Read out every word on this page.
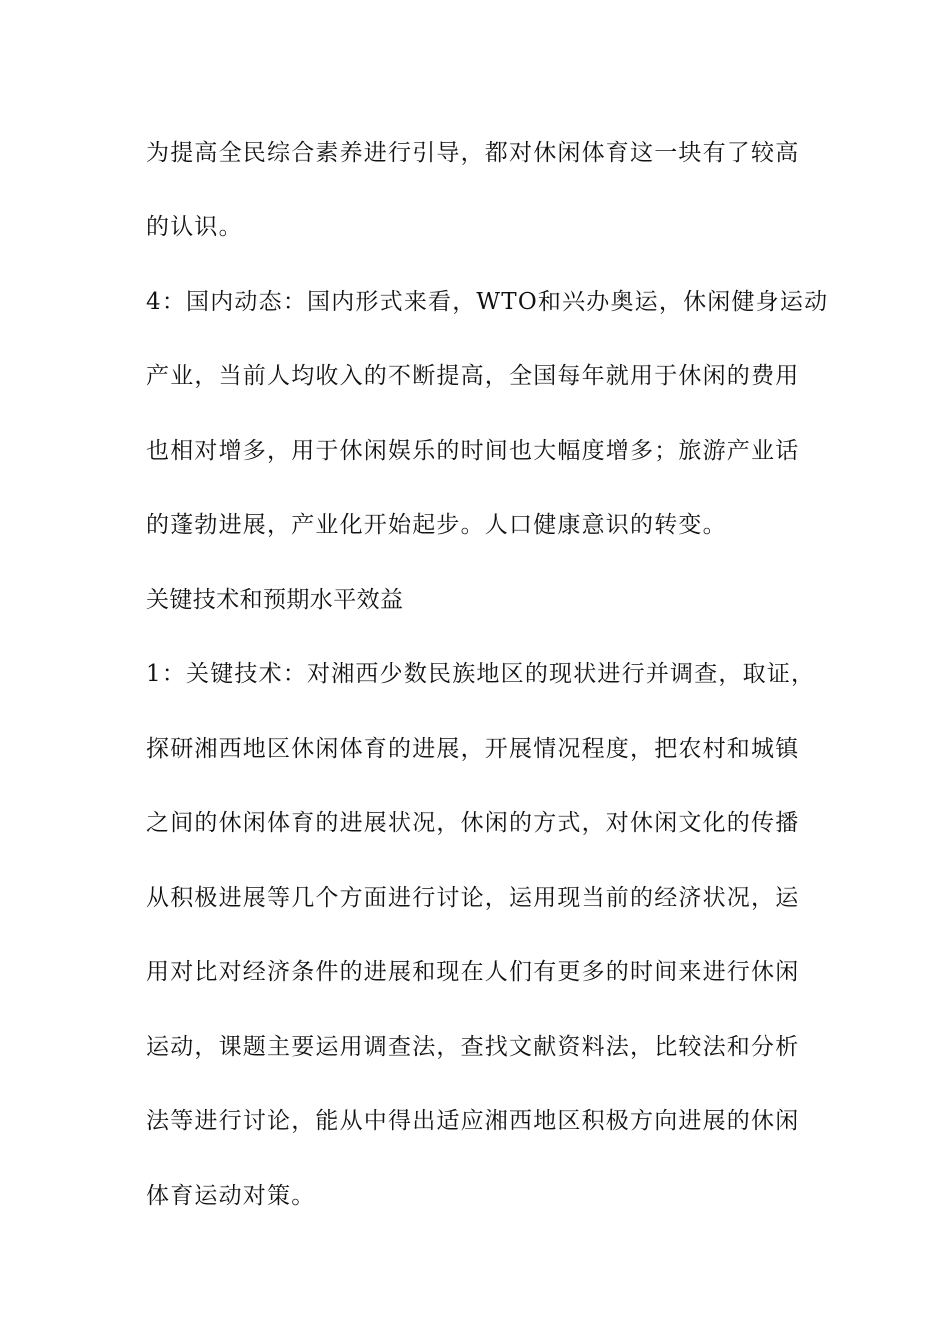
为提高全民综合素养进行引导，都对休闲体育这一块有了较高
的认识。
4：国内动态：国内形式来看，WTO和兴办奥运，休闲健身运动
产业，当前人均收入的不断提高，全国每年就用于休闲的费用
也相对增多，用于休闲娱乐的时间也大幅度增多；旅游产业话
的蓬勃进展，产业化开始起步。人口健康意识的转变。
关键技术和预期水平效益
1：关键技术：对湘西少数民族地区的现状进行并调查，取证，
探研湘西地区休闲体育的进展，开展情况程度，把农村和城镇
之间的休闲体育的进展状况，休闲的方式，对休闲文化的传播
从积极进展等几个方面进行讨论，运用现当前的经济状况，运
用对比对经济条件的进展和现在人们有更多的时间来进行休闲
运动，课题主要运用调查法，查找文献资料法，比较法和分析
法等进行讨论，能从中得出适应湘西地区积极方向进展的休闲
体育运动对策。
